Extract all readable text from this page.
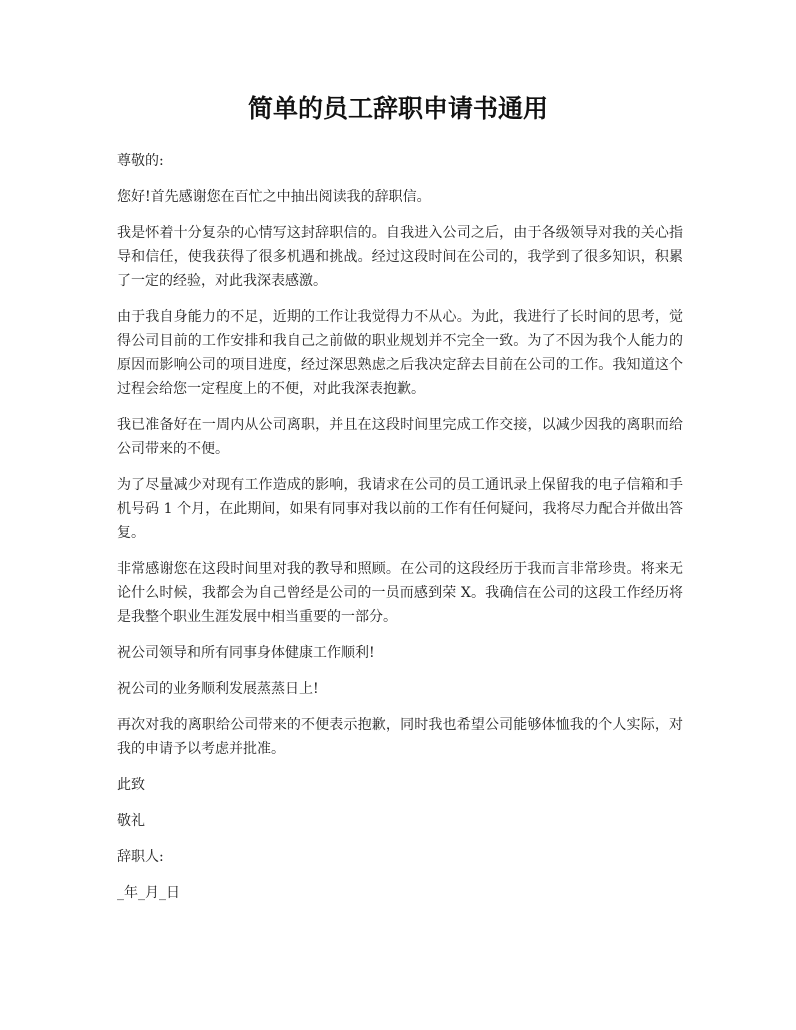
简单的员工辞职申请书通用

尊敬的:

您好!首先感谢您在百忙之中抽出阅读我的辞职信。

我是怀着十分复杂的心情写这封辞职信的。自我进入公司之后，由于各级领导对我的关心指导和信任，使我获得了很多机遇和挑战。经过这段时间在公司的，我学到了很多知识，积累了一定的经验，对此我深表感激。

由于我自身能力的不足，近期的工作让我觉得力不从心。为此，我进行了长时间的思考，觉得公司目前的工作安排和我自己之前做的职业规划并不完全一致。为了不因为我个人能力的原因而影响公司的项目进度，经过深思熟虑之后我决定辞去目前在公司的工作。我知道这个过程会给您一定程度上的不便，对此我深表抱歉。

我已准备好在一周内从公司离职，并且在这段时间里完成工作交接，以减少因我的离职而给公司带来的不便。

为了尽量减少对现有工作造成的影响，我请求在公司的员工通讯录上保留我的电子信箱和手机号码 1 个月，在此期间，如果有同事对我以前的工作有任何疑问，我将尽力配合并做出答复。

非常感谢您在这段时间里对我的教导和照顾。在公司的这段经历于我而言非常珍贵。将来无论什么时候，我都会为自己曾经是公司的一员而感到荣 X。我确信在公司的这段工作经历将是我整个职业生涯发展中相当重要的一部分。

祝公司领导和所有同事身体健康工作顺利!

祝公司的业务顺利发展蒸蒸日上!

再次对我的离职给公司带来的不便表示抱歉，同时我也希望公司能够体恤我的个人实际，对我的申请予以考虑并批准。

此致

敬礼

辞职人:

_年_月_日
